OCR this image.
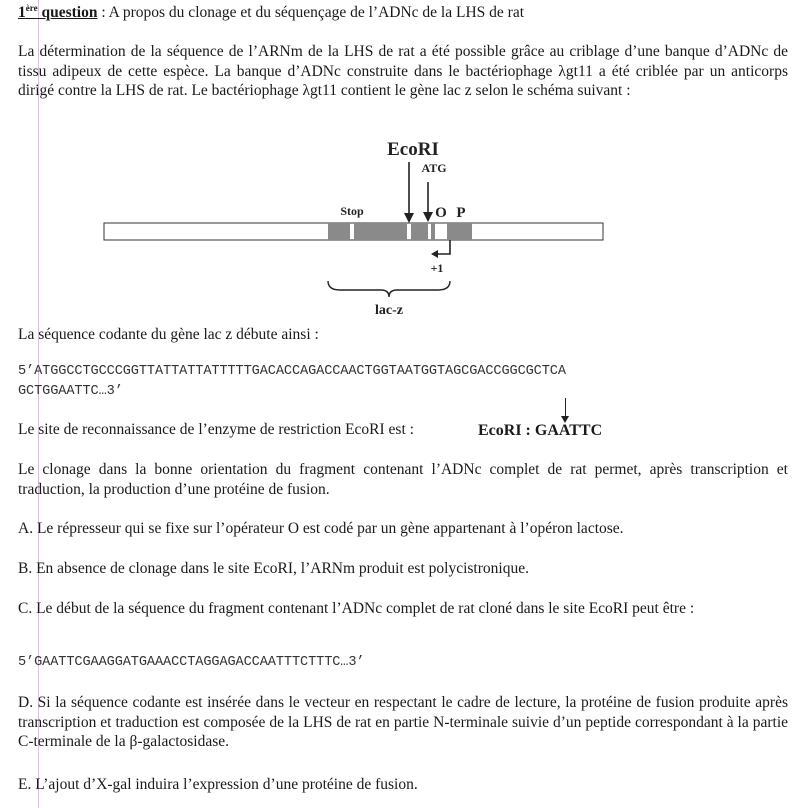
1ère question : A propos du clonage et du séquençage de l’ADNc de la LHS de rat
La détermination de la séquence de l’ARNm de la LHS de rat a été possible grâce au criblage d’une banque d’ADNc de tissu adipeux de cette espèce. La banque d’ADNc construite dans le bactériophage λgt11 a été criblée par un anticorps dirigé contre la LHS de rat. Le bactériophage λgt11 contient le gène lac z selon le schéma suivant :
EcoRI
ATG
Stop	O P
+1
lac-z
La séquence codante du gène lac z débute ainsi :
5’ATGGCCTGCCCGGTTATTATTATTTTTGACACCAGACCAACTGGTAATGGTAGCGACCGGCGCTCA
GCTGGAATTC…3’
Le site de reconnaissance de l’enzyme de restriction EcoRI est :	EcoRI : GAATTC
Le clonage dans la bonne orientation du fragment contenant l’ADNc complet de rat permet, après transcription et traduction, la production d’une protéine de fusion.
A. Le répresseur qui se fixe sur l’opérateur O est codé par un gène appartenant à l’opéron lactose.
B. En absence de clonage dans le site EcoRI, l’ARNm produit est polycistronique.
C. Le début de la séquence du fragment contenant l’ADNc complet de rat cloné dans le site EcoRI peut être :
5’GAATTCGAAGGATGAAACCTAGGAGACCAATTTCTTTC…3’
D. Si la séquence codante est insérée dans le vecteur en respectant le cadre de lecture, la protéine de fusion produite après transcription et traduction est composée de la LHS de rat en partie N-terminale suivie d’un peptide correspondant à la partie C-terminale de la β-galactosidase.
E. L’ajout d’X-gal induira l’expression d’une protéine de fusion.
